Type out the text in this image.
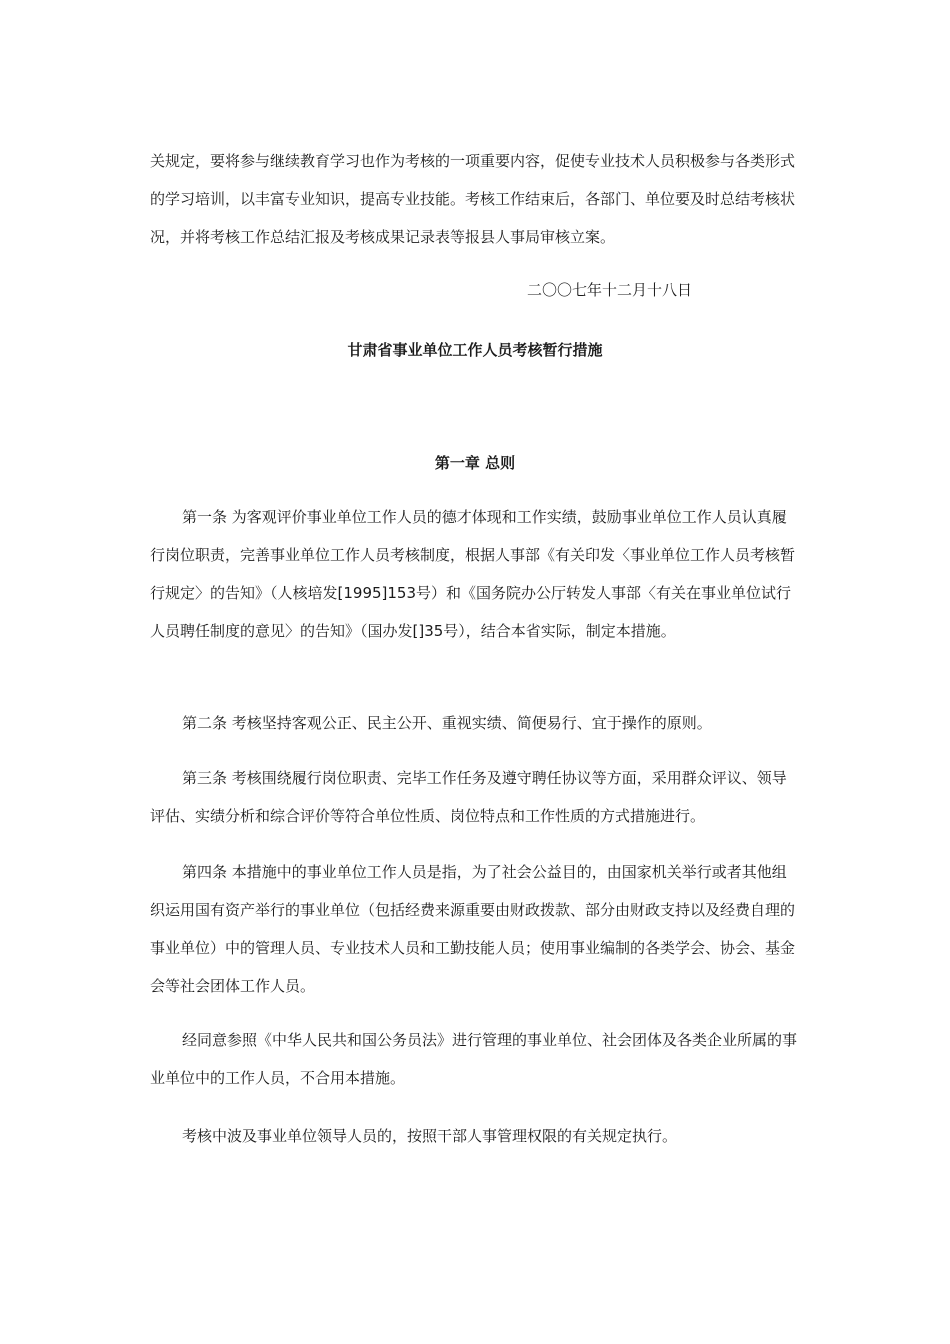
关规定，要将参与继续教育学习也作为考核的一项重要内容，促使专业技术人员积极参与各类形式的学习培训，以丰富专业知识，提高专业技能。考核工作结束后，各部门、单位要及时总结考核状况，并将考核工作总结汇报及考核成果记录表等报县人事局审核立案。

二〇〇七年十二月十八日
甘肃省事业单位工作人员考核暂行措施
第一章 总则

第一条 为客观评价事业单位工作人员的德才体现和工作实绩，鼓励事业单位工作人员认真履行岗位职责，完善事业单位工作人员考核制度，根据人事部《有关印发〈事业单位工作人员考核暂行规定〉的告知》（人核培发[1995]153号）和《国务院办公厅转发人事部〈有关在事业单位试行人员聘任制度的意见〉的告知》（国办发[]35号），结合本省实际，制定本措施。

第二条 考核坚持客观公正、民主公开、重视实绩、简便易行、宜于操作的原则。

第三条 考核围绕履行岗位职责、完毕工作任务及遵守聘任协议等方面，采用群众评议、领导评估、实绩分析和综合评价等符合单位性质、岗位特点和工作性质的方式措施进行。

第四条 本措施中的事业单位工作人员是指，为了社会公益目的，由国家机关举行或者其他组织运用国有资产举行的事业单位（包括经费来源重要由财政拨款、部分由财政支持以及经费自理的事业单位）中的管理人员、专业技术人员和工勤技能人员；使用事业编制的各类学会、协会、基金会等社会团体工作人员。

经同意参照《中华人民共和国公务员法》进行管理的事业单位、社会团体及各类企业所属的事业单位中的工作人员，不合用本措施。

考核中波及事业单位领导人员的，按照干部人事管理权限的有关规定执行。
